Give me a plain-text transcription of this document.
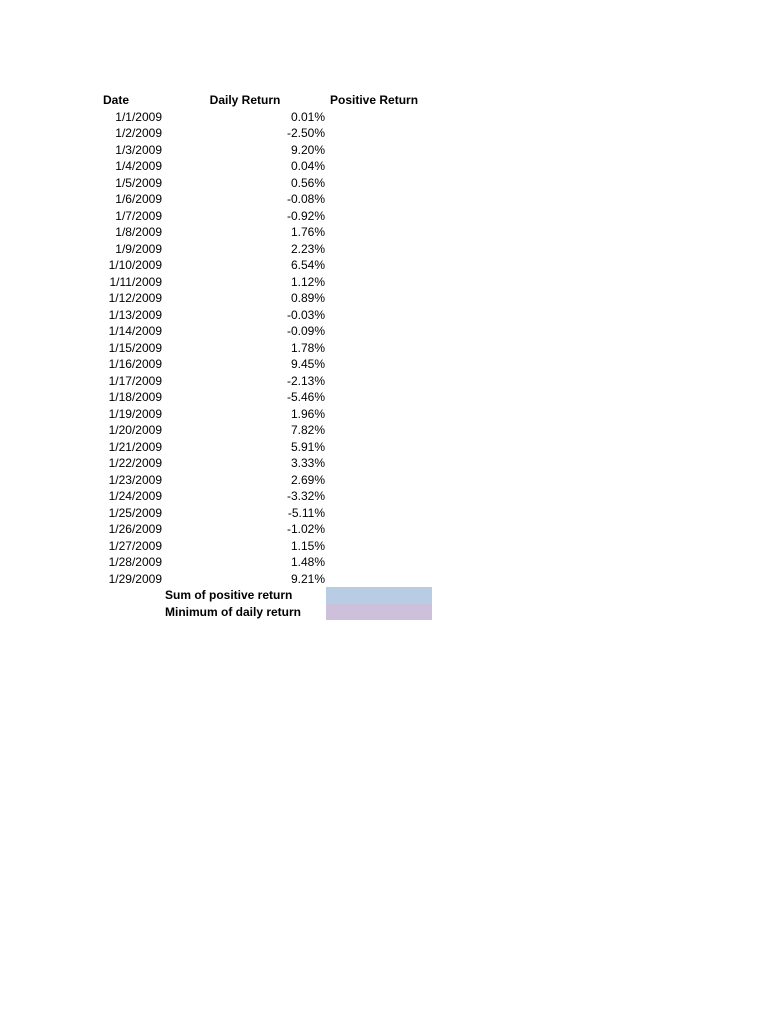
Date	Daily Return	Positive Return
1/1/2009	0.01%
1/2/2009	-2.50%
1/3/2009	9.20%
1/4/2009	0.04%
1/5/2009	0.56%
1/6/2009	-0.08%
1/7/2009	-0.92%
1/8/2009	1.76%
1/9/2009	2.23%
1/10/2009	6.54%
1/11/2009	1.12%
1/12/2009	0.89%
1/13/2009	-0.03%
1/14/2009	-0.09%
1/15/2009	1.78%
1/16/2009	9.45%
1/17/2009	-2.13%
1/18/2009	-5.46%
1/19/2009	1.96%
1/20/2009	7.82%
1/21/2009	5.91%
1/22/2009	3.33%
1/23/2009	2.69%
1/24/2009	-3.32%
1/25/2009	-5.11%
1/26/2009	-1.02%
1/27/2009	1.15%
1/28/2009	1.48%
1/29/2009	9.21%
Sum of positive return
Minimum of daily return
